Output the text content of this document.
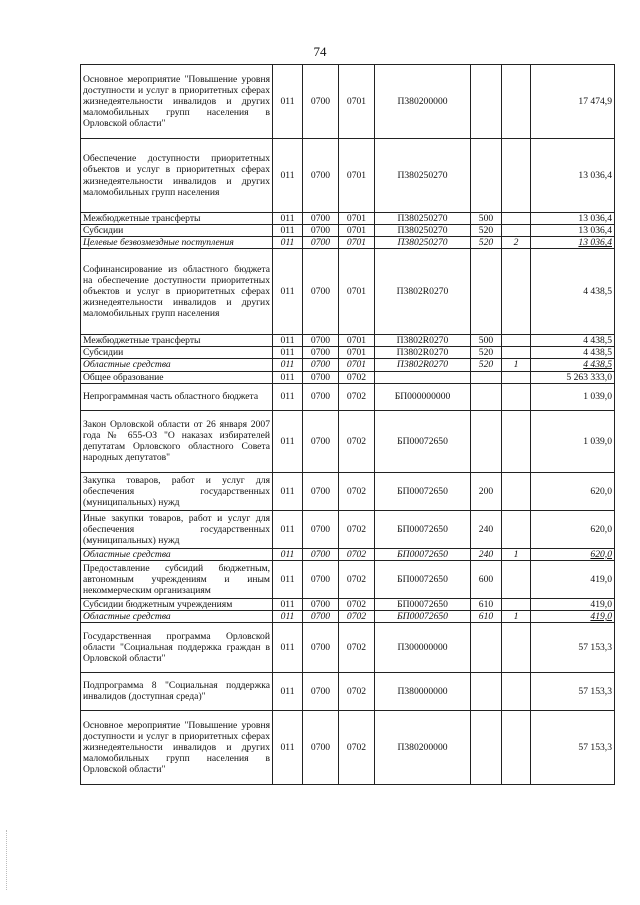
74
Основное мероприятие "Повышение уровня доступности и услуг в приоритетных сферах жизнедеятельности инвалидов и других маломобильных групп населения в Орловской области"	011	0700	0701	П380200000			17 474,9
Обеспечение доступности приоритетных объектов и услуг в приоритетных сферах жизнедеятельности инвалидов и других маломобильных групп населения	011	0700	0701	П380250270			13 036,4
Межбюджетные трансферты	011	0700	0701	П380250270	500		13 036,4
Субсидии	011	0700	0701	П380250270	520		13 036,4
Целевые безвозмездные поступления	011	0700	0701	П380250270	520	2	13 036,4
Софинансирование из областного бюджета на обеспечение доступности приоритетных объектов и услуг в приоритетных сферах жизнедеятельности инвалидов и других маломобильных групп населения	011	0700	0701	П3802R0270			4 438,5
Межбюджетные трансферты	011	0700	0701	П3802R0270	500		4 438,5
Субсидии	011	0700	0701	П3802R0270	520		4 438,5
Областные средства	011	0700	0701	П3802R0270	520	1	4 438,5
Общее образование	011	0700	0702				5 263 333,0
Непрограммная часть областного бюджета	011	0700	0702	БП000000000			1 039,0
Закон Орловской области от 26 января 2007 года № 655-ОЗ "О наказах избирателей депутатам Орловского областного Совета народных депутатов"	011	0700	0702	БП00072650			1 039,0
Закупка товаров, работ и услуг для обеспечения государственных (муниципальных) нужд	011	0700	0702	БП00072650	200		620,0
Иные закупки товаров, работ и услуг для обеспечения государственных (муниципальных) нужд	011	0700	0702	БП00072650	240		620,0
Областные средства	011	0700	0702	БП00072650	240	1	620,0
Предоставление субсидий бюджетным, автономным учреждениям и иным некоммерческим организациям	011	0700	0702	БП00072650	600		419,0
Субсидии бюджетным учреждениям	011	0700	0702	БП00072650	610		419,0
Областные средства	011	0700	0702	БП00072650	610	1	419,0
Государственная программа Орловской области "Социальная поддержка граждан в Орловской области"	011	0700	0702	П300000000			57 153,3
Подпрограмма 8 "Социальная поддержка инвалидов (доступная среда)"	011	0700	0702	П380000000			57 153,3
Основное мероприятие "Повышение уровня доступности и услуг в приоритетных сферах жизнедеятельности инвалидов и других маломобильных групп населения в Орловской области"	011	0700	0702	П380200000			57 153,3
